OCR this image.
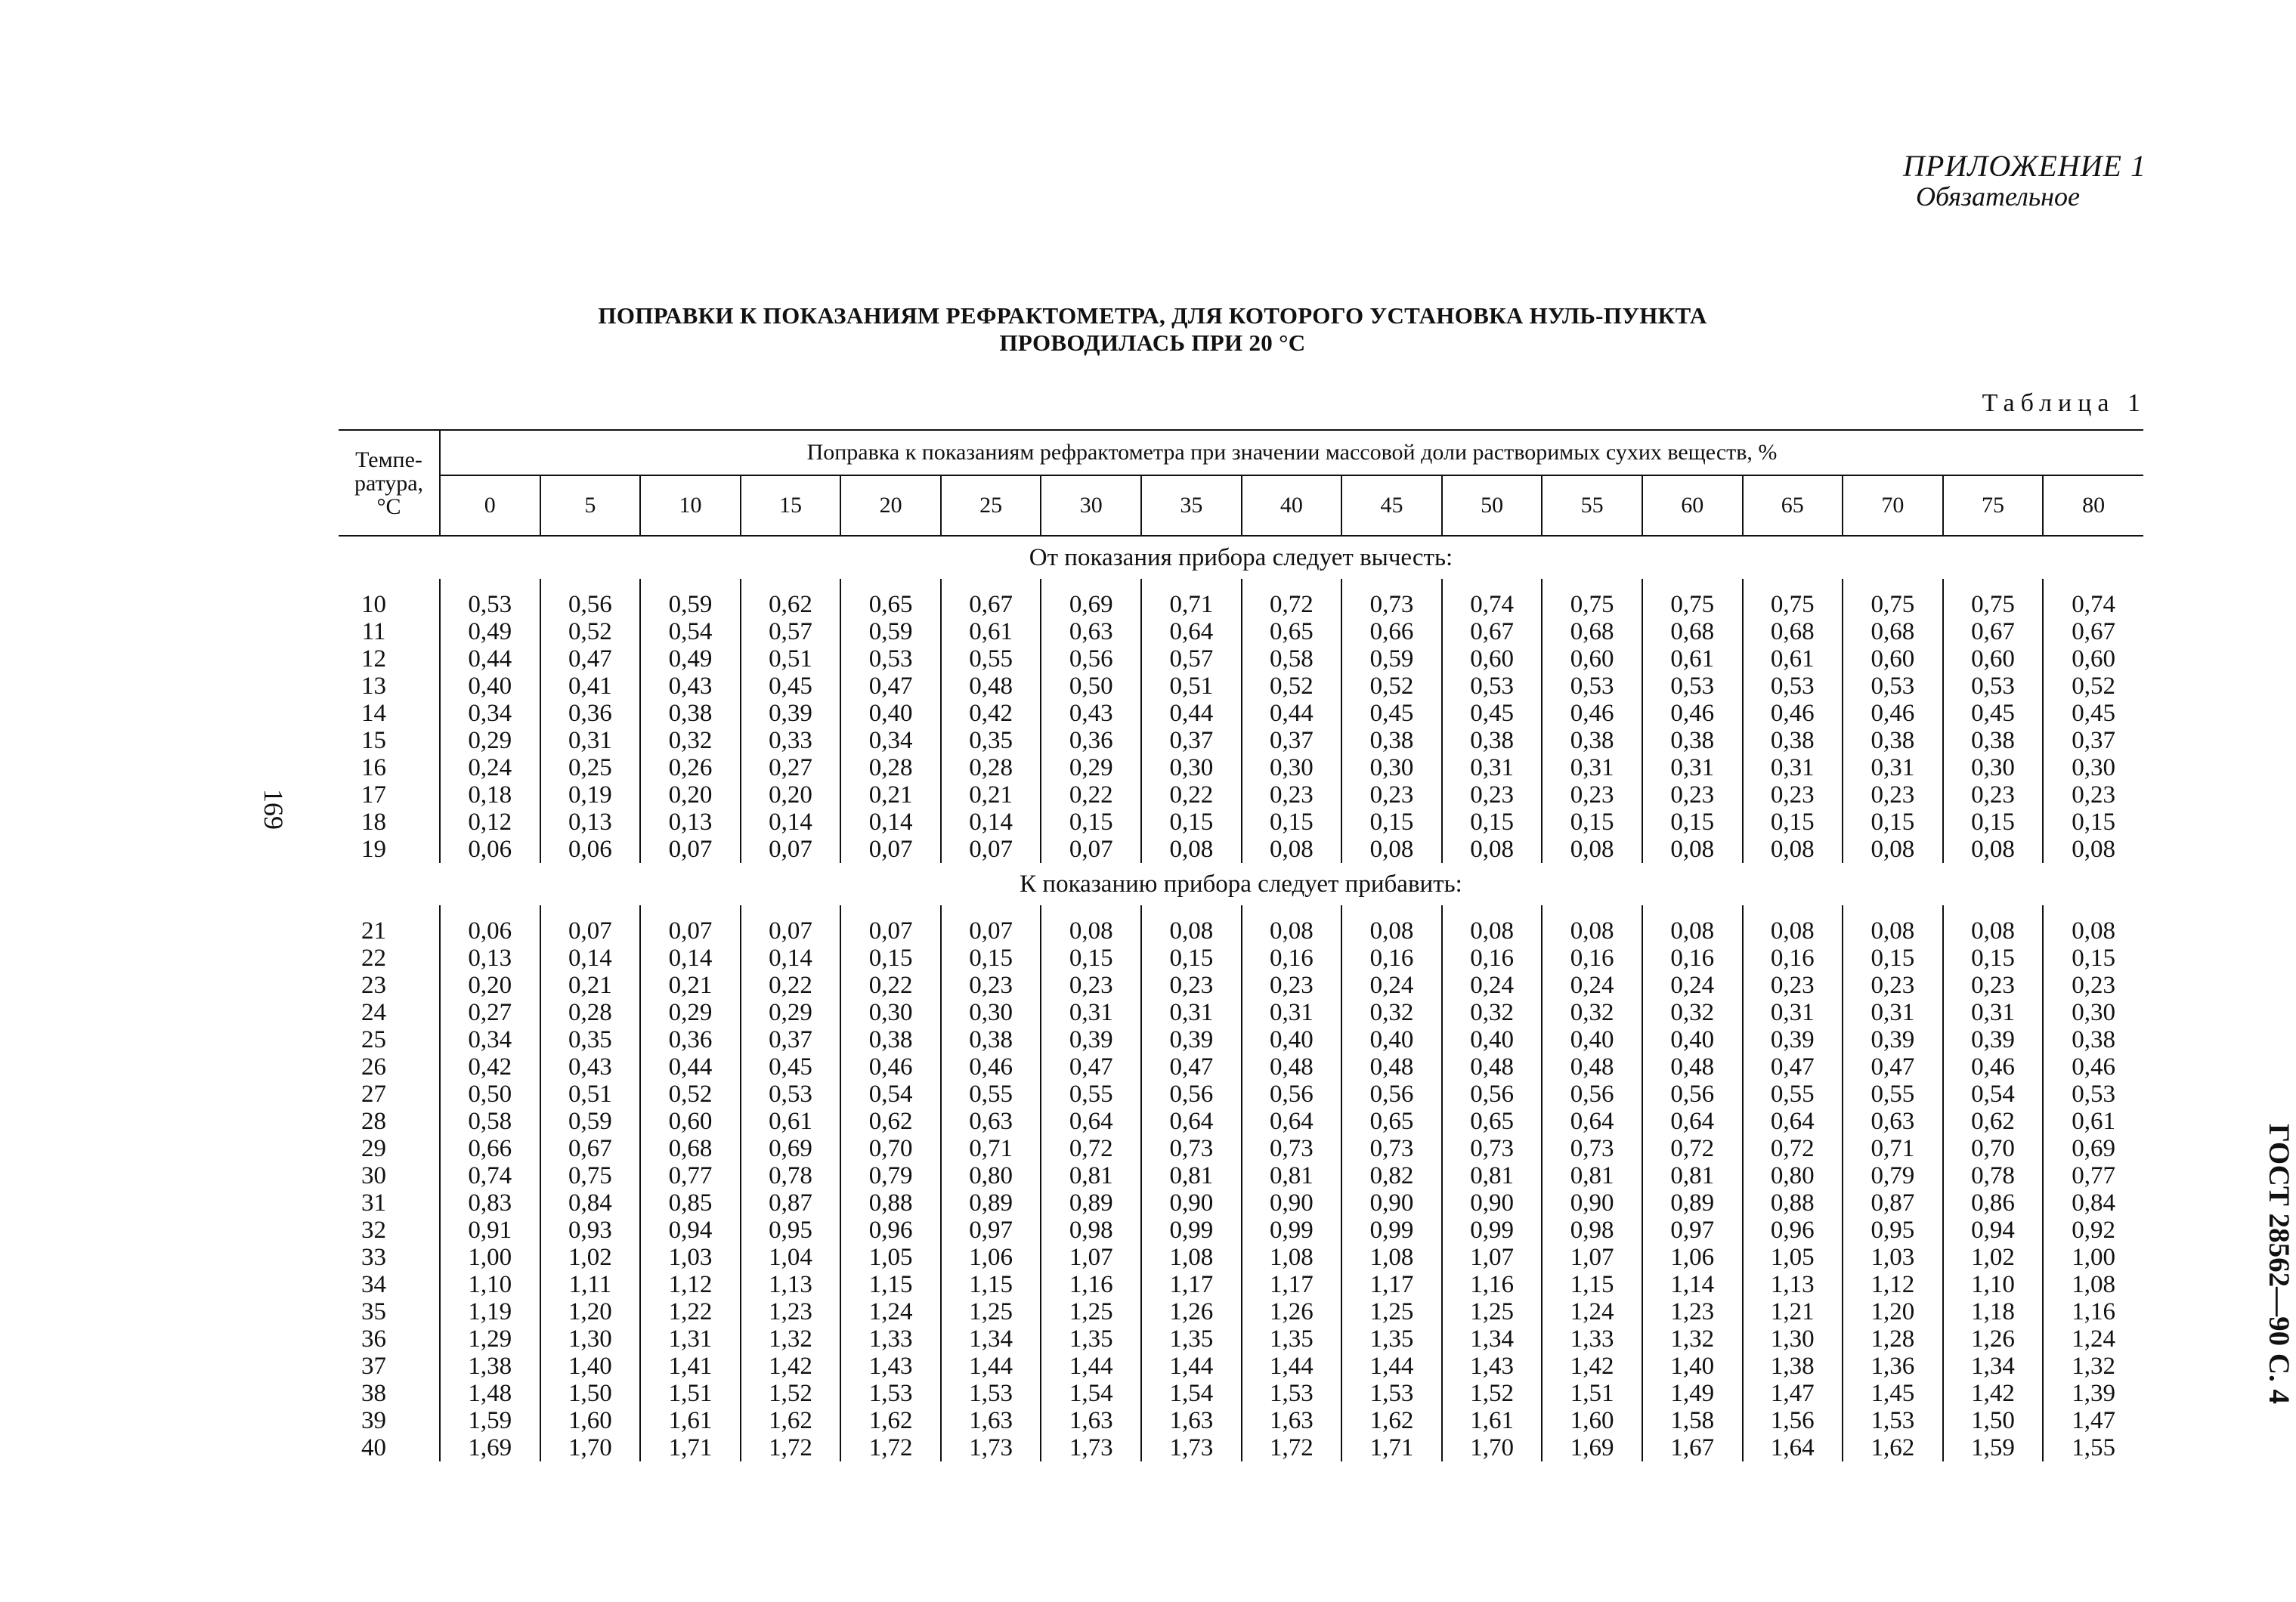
ПРИЛОЖЕНИЕ 1
Обязательное
ПОПРАВКИ К ПОКАЗАНИЯМ РЕФРАКТОМЕТРА, ДЛЯ КОТОРОГО УСТАНОВКА НУЛЬ-ПУНКТА
ПРОВОДИЛАСЬ ПРИ 20 °С
Таблица 1
169
ГОСТ 28562—90 С. 4
Темпе-
ратура,
°С	Поправка к показаниям рефрактометра при значении массовой доли растворимых сухих веществ, %																
	0	5	10	15	20	25	30	35	40	45	50	55	60	65	70	75	80
От показания прибора следует вычесть:																	

10	0,53	0,56	0,59	0,62	0,65	0,67	0,69	0,71	0,72	0,73	0,74	0,75	0,75	0,75	0,75	0,75	0,74
11	0,49	0,52	0,54	0,57	0,59	0,61	0,63	0,64	0,65	0,66	0,67	0,68	0,68	0,68	0,68	0,67	0,67
12	0,44	0,47	0,49	0,51	0,53	0,55	0,56	0,57	0,58	0,59	0,60	0,60	0,61	0,61	0,60	0,60	0,60
13	0,40	0,41	0,43	0,45	0,47	0,48	0,50	0,51	0,52	0,52	0,53	0,53	0,53	0,53	0,53	0,53	0,52
14	0,34	0,36	0,38	0,39	0,40	0,42	0,43	0,44	0,44	0,45	0,45	0,46	0,46	0,46	0,46	0,45	0,45
15	0,29	0,31	0,32	0,33	0,34	0,35	0,36	0,37	0,37	0,38	0,38	0,38	0,38	0,38	0,38	0,38	0,37
16	0,24	0,25	0,26	0,27	0,28	0,28	0,29	0,30	0,30	0,30	0,31	0,31	0,31	0,31	0,31	0,30	0,30
17	0,18	0,19	0,20	0,20	0,21	0,21	0,22	0,22	0,23	0,23	0,23	0,23	0,23	0,23	0,23	0,23	0,23
18	0,12	0,13	0,13	0,14	0,14	0,14	0,15	0,15	0,15	0,15	0,15	0,15	0,15	0,15	0,15	0,15	0,15
19	0,06	0,06	0,07	0,07	0,07	0,07	0,07	0,08	0,08	0,08	0,08	0,08	0,08	0,08	0,08	0,08	0,08
К показанию прибора следует прибавить:																	

21	0,06	0,07	0,07	0,07	0,07	0,07	0,08	0,08	0,08	0,08	0,08	0,08	0,08	0,08	0,08	0,08	0,08
22	0,13	0,14	0,14	0,14	0,15	0,15	0,15	0,15	0,16	0,16	0,16	0,16	0,16	0,16	0,15	0,15	0,15
23	0,20	0,21	0,21	0,22	0,22	0,23	0,23	0,23	0,23	0,24	0,24	0,24	0,24	0,23	0,23	0,23	0,23
24	0,27	0,28	0,29	0,29	0,30	0,30	0,31	0,31	0,31	0,32	0,32	0,32	0,32	0,31	0,31	0,31	0,30
25	0,34	0,35	0,36	0,37	0,38	0,38	0,39	0,39	0,40	0,40	0,40	0,40	0,40	0,39	0,39	0,39	0,38
26	0,42	0,43	0,44	0,45	0,46	0,46	0,47	0,47	0,48	0,48	0,48	0,48	0,48	0,47	0,47	0,46	0,46
27	0,50	0,51	0,52	0,53	0,54	0,55	0,55	0,56	0,56	0,56	0,56	0,56	0,56	0,55	0,55	0,54	0,53
28	0,58	0,59	0,60	0,61	0,62	0,63	0,64	0,64	0,64	0,65	0,65	0,64	0,64	0,64	0,63	0,62	0,61
29	0,66	0,67	0,68	0,69	0,70	0,71	0,72	0,73	0,73	0,73	0,73	0,73	0,72	0,72	0,71	0,70	0,69
30	0,74	0,75	0,77	0,78	0,79	0,80	0,81	0,81	0,81	0,82	0,81	0,81	0,81	0,80	0,79	0,78	0,77
31	0,83	0,84	0,85	0,87	0,88	0,89	0,89	0,90	0,90	0,90	0,90	0,90	0,89	0,88	0,87	0,86	0,84
32	0,91	0,93	0,94	0,95	0,96	0,97	0,98	0,99	0,99	0,99	0,99	0,98	0,97	0,96	0,95	0,94	0,92
33	1,00	1,02	1,03	1,04	1,05	1,06	1,07	1,08	1,08	1,08	1,07	1,07	1,06	1,05	1,03	1,02	1,00
34	1,10	1,11	1,12	1,13	1,15	1,15	1,16	1,17	1,17	1,17	1,16	1,15	1,14	1,13	1,12	1,10	1,08
35	1,19	1,20	1,22	1,23	1,24	1,25	1,25	1,26	1,26	1,25	1,25	1,24	1,23	1,21	1,20	1,18	1,16
36	1,29	1,30	1,31	1,32	1,33	1,34	1,35	1,35	1,35	1,35	1,34	1,33	1,32	1,30	1,28	1,26	1,24
37	1,38	1,40	1,41	1,42	1,43	1,44	1,44	1,44	1,44	1,44	1,43	1,42	1,40	1,38	1,36	1,34	1,32
38	1,48	1,50	1,51	1,52	1,53	1,53	1,54	1,54	1,53	1,53	1,52	1,51	1,49	1,47	1,45	1,42	1,39
39	1,59	1,60	1,61	1,62	1,62	1,63	1,63	1,63	1,63	1,62	1,61	1,60	1,58	1,56	1,53	1,50	1,47
40	1,69	1,70	1,71	1,72	1,72	1,73	1,73	1,73	1,72	1,71	1,70	1,69	1,67	1,64	1,62	1,59	1,55
